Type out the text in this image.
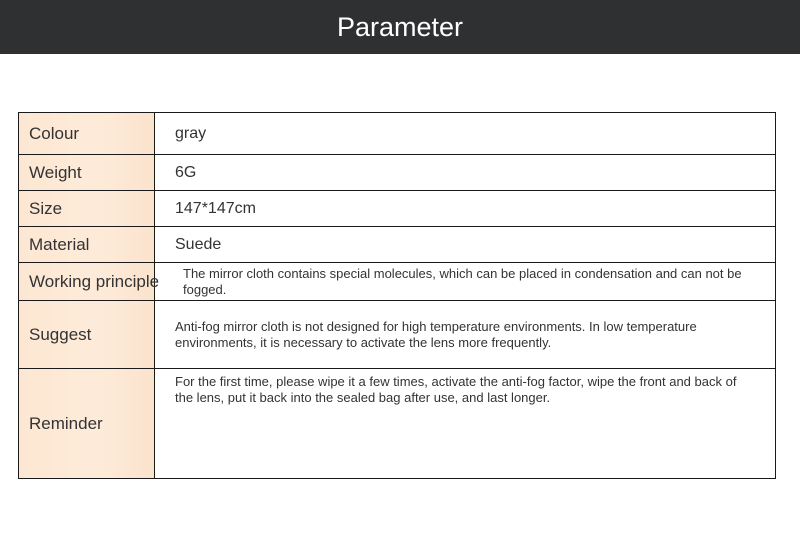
Parameter
Colour	gray
Weight	6G
Size	147*147cm
Material	Suede
Working principle	The mirror cloth contains special molecules, which can be placed in condensation and can not be fogged.
Suggest	Anti-fog mirror cloth is not designed for high temperature environments. In low temperature environments, it is necessary to activate the lens more frequently.
Reminder	For the first time, please wipe it a few times, activate the anti-fog factor, wipe the front and back of the lens, put it back into the sealed bag after use, and last longer.
